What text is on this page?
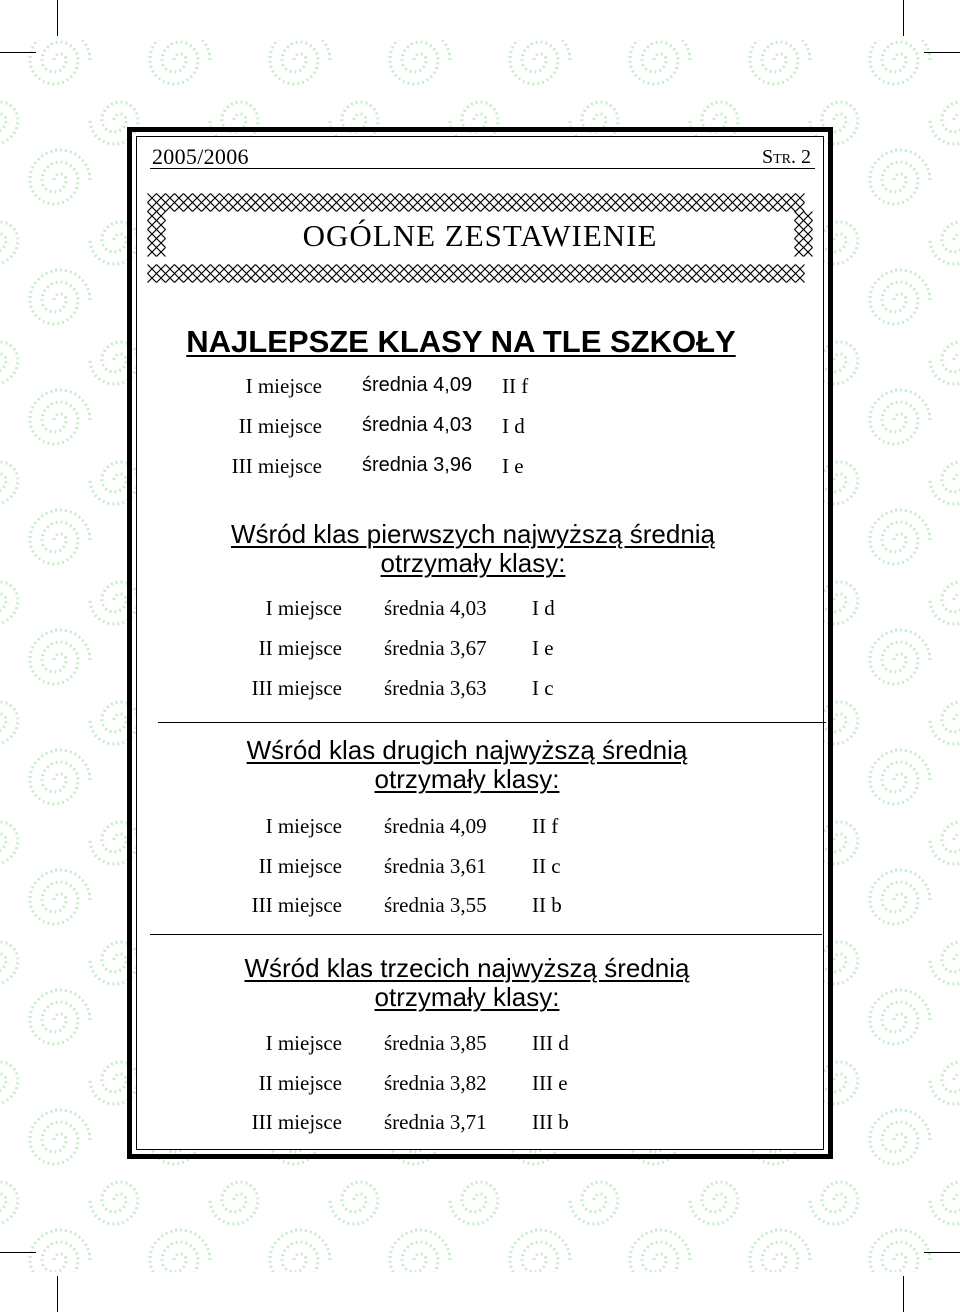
2005/2006	Str. 2
OGÓLNE ZESTAWIENIE
NAJLEPSZE KLASY NA TLE SZKOŁY
I miejsce średnia 4,09 II f
II miejsce średnia 4,03 I d
III miejsce średnia 3,96 I e
Wśród klas pierwszych najwyższą średnią
otrzymały klasy:
I miejsce średnia 4,03 I d
II miejsce średnia 3,67 I e
III miejsce średnia 3,63 I c
Wśród klas drugich najwyższą średnią
otrzymały klasy:
I miejsce średnia 4,09 II f
II miejsce średnia 3,61 II c
III miejsce średnia 3,55 II b
Wśród klas trzecich najwyższą średnią
otrzymały klasy:
I miejsce średnia 3,85 III d
II miejsce średnia 3,82 III e
III miejsce średnia 3,71 III b
